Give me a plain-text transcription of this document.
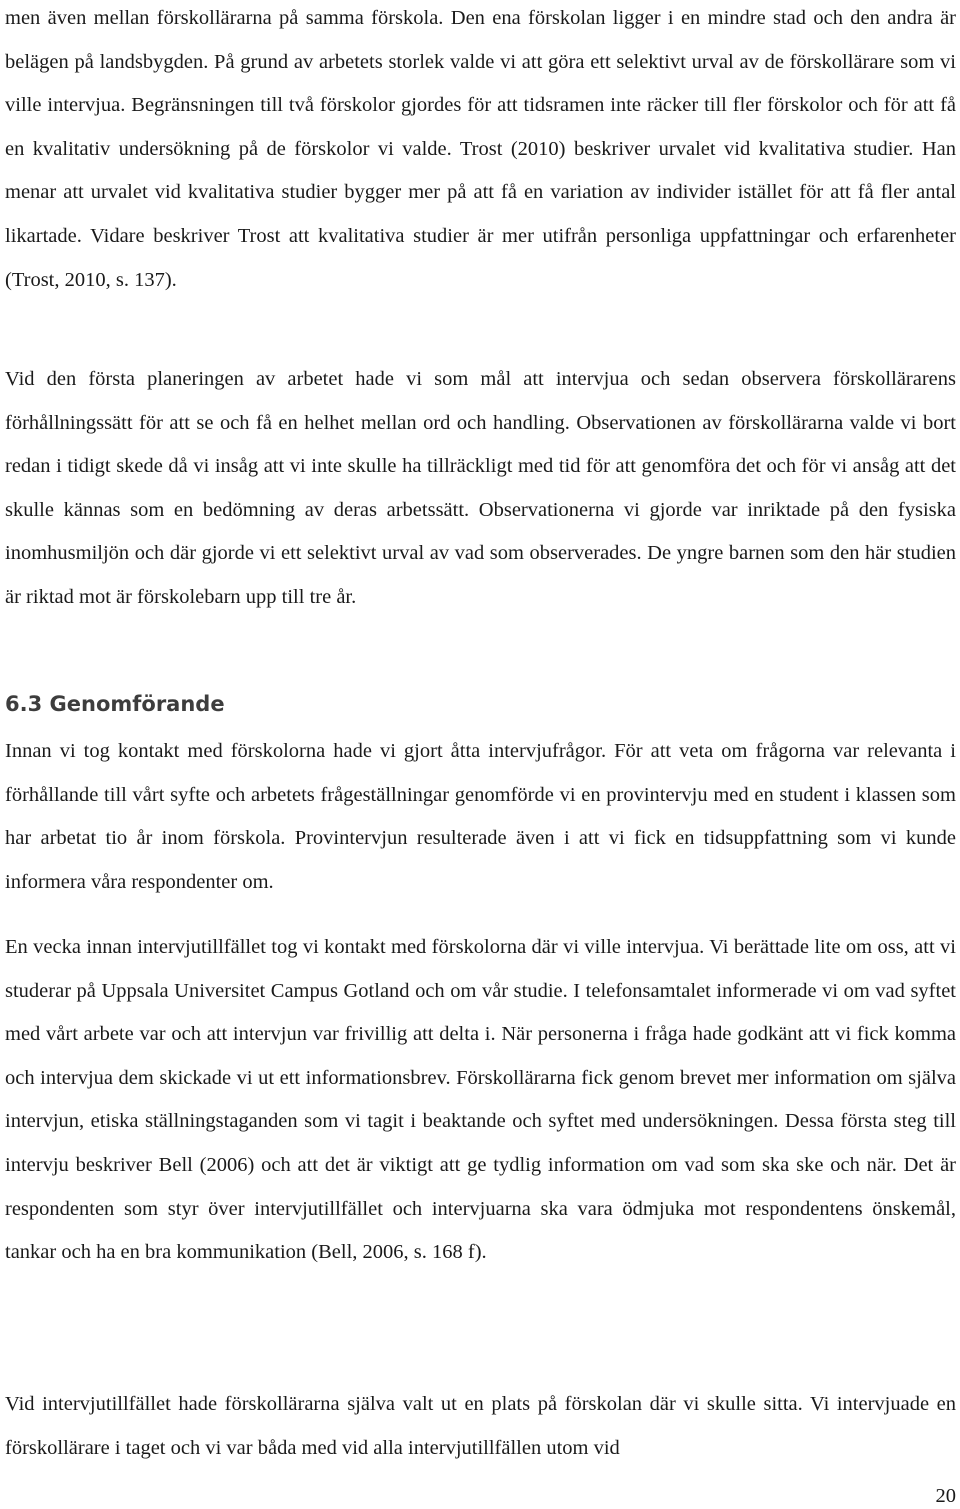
men även mellan förskollärarna på samma förskola. Den ena förskolan ligger i en mindre stad och den andra är belägen på landsbygden. På grund av arbetets storlek valde vi att göra ett selektivt urval av de förskollärare som vi ville intervjua. Begränsningen till två förskolor gjordes för att tidsramen inte räcker till fler förskolor och för att få en kvalitativ undersökning på de förskolor vi valde. Trost (2010) beskriver urvalet vid kvalitativa studier. Han menar att urvalet vid kvalitativa studier bygger mer på att få en variation av individer istället för att få fler antal likartade. Vidare beskriver Trost att kvalitativa studier är mer utifrån personliga uppfattningar och erfarenheter (Trost, 2010, s. 137).

Vid den första planeringen av arbetet hade vi som mål att intervjua och sedan observera förskollärarens förhållningssätt för att se och få en helhet mellan ord och handling. Observationen av förskollärarna valde vi bort redan i tidigt skede då vi insåg att vi inte skulle ha tillräckligt med tid för att genomföra det och för vi ansåg att det skulle kännas som en bedömning av deras arbetssätt. Observationerna vi gjorde var inriktade på den fysiska inomhusmiljön och där gjorde vi ett selektivt urval av vad som observerades. De yngre barnen som den här studien är riktad mot är förskolebarn upp till tre år.

6.3 Genomförande

Innan vi tog kontakt med förskolorna hade vi gjort åtta intervjufrågor. För att veta om frågorna var relevanta i förhållande till vårt syfte och arbetets frågeställningar genomförde vi en provintervju med en student i klassen som har arbetat tio år inom förskola. Provintervjun resulterade även i att vi fick en tidsuppfattning som vi kunde informera våra respondenter om.

En vecka innan intervjutillfället tog vi kontakt med förskolorna där vi ville intervjua. Vi berättade lite om oss, att vi studerar på Uppsala Universitet Campus Gotland och om vår studie. I telefonsamtalet informerade vi om vad syftet med vårt arbete var och att intervjun var frivillig att delta i. När personerna i fråga hade godkänt att vi fick komma och intervjua dem skickade vi ut ett informationsbrev. Förskollärarna fick genom brevet mer information om själva intervjun, etiska ställningstaganden som vi tagit i beaktande och syftet med undersökningen. Dessa första steg till intervju beskriver Bell (2006) och att det är viktigt att ge tydlig information om vad som ska ske och när. Det är respondenten som styr över intervjutillfället och intervjuarna ska vara ödmjuka mot respondentens önskemål, tankar och ha en bra kommunikation (Bell, 2006, s. 168 f).

Vid intervjutillfället hade förskollärarna själva valt ut en plats på förskolan där vi skulle sitta. Vi intervjuade en förskollärare i taget och vi var båda med vid alla intervjutillfällen utom vid

20
